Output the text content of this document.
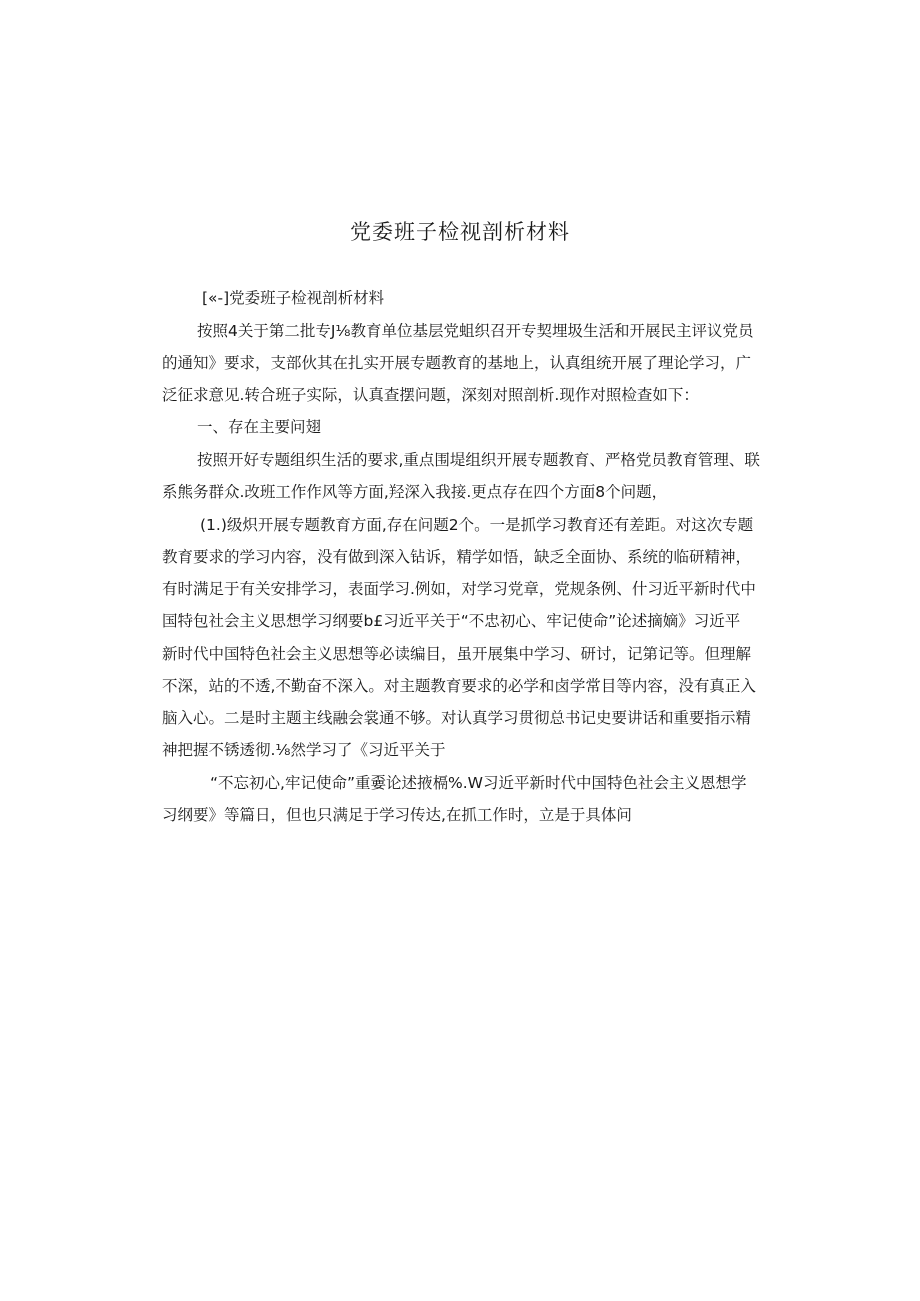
党委班子检视剖析材料
[«-]党委班子检视剖析材料
按照4关于第二批专J⅛教育单位基层党蛆织召开专契埋圾生活和开展民主评议党员
的通知》要求，支部伙其在扎实开展专题教育的基地上，认真组统开展了理论学习，广
泛征求意见.转合班子实际，认真查摆问题，深刻对照剖析.现作对照检查如下：
一、存在主要问翅
按照开好专题组织生活的要求,重点围堤组织开展专题教育、严格党员教育管理、联
系熊务群众.改班工作作风等方面,羟深入我接.更点存在四个方面8个问题，
(1.)级炽开展专题教育方面,存在问题2个。一是抓学习教育还有差距。对这次专题
教育要求的学习内容，没有做到深入钻诉，精学如悟，缺乏全面协、系统的临研精神，
有时满足于有关安排学习，表面学习.例如，对学习党章，党规条例、什习近平新时代中
国特包社会主义思想学习纲要b£习近平关于“不忠初心、牢记使命”论述摘嫡》习近平
新时代中国特色社会主义思想等必读编目，虽开展集中学习、研讨，记第记等。但理解
不深，站的不透,不勤奋不深入。对主题教育要求的必学和卤学常目等内容，没有真正入
脑入心。二是时主题主线融会裳通不够。对认真学习贯彻总书记史要讲话和重要指示精
神把握不锈透彻.⅛然学习了《习近平关于
“不忘初心,牢记使命”重嫑论述掖槅%.W习近平新时代中国特色社会主义恩想学
习纲要》等篇日，但也只满足于学习传达,在抓工作时，立是于具体问
